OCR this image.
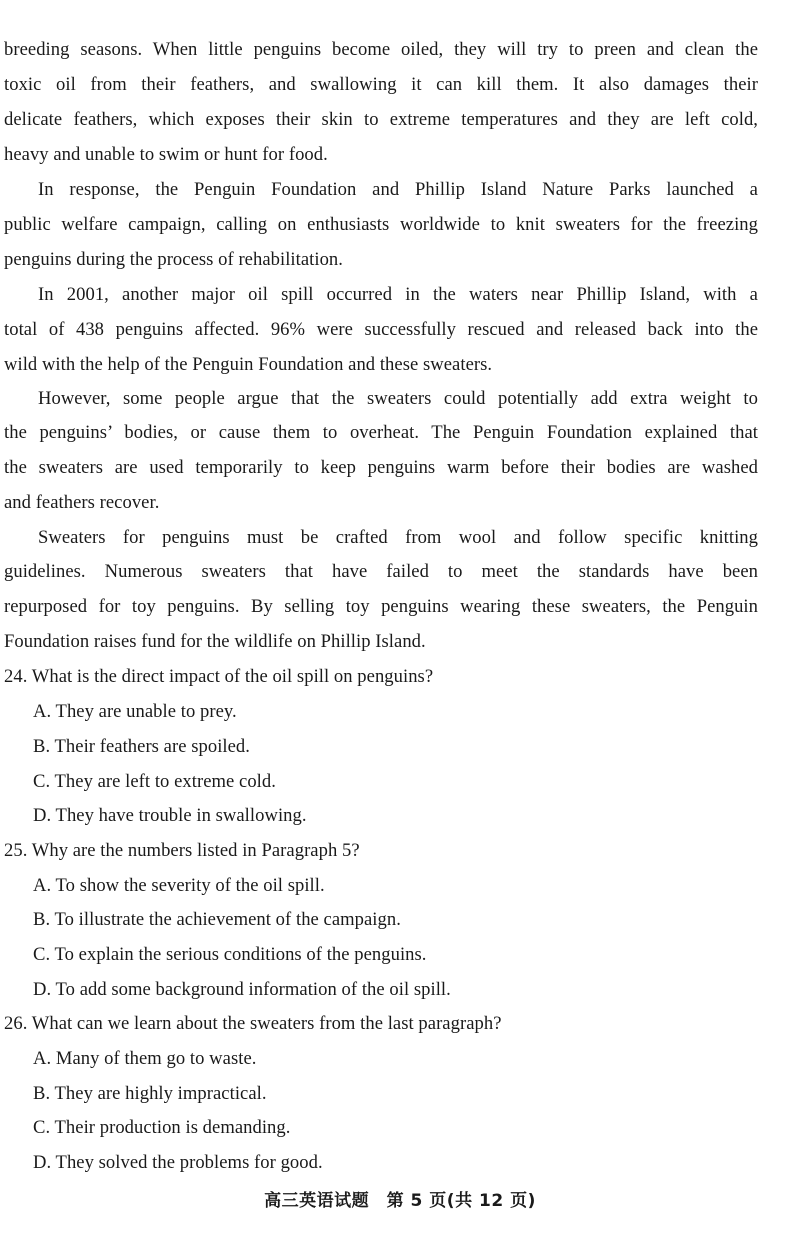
breeding seasons. When little penguins become oiled, they will try to preen and clean the
toxic oil from their feathers, and swallowing it can kill them. It also damages their
delicate feathers, which exposes their skin to extreme temperatures and they are left cold,
heavy and unable to swim or hunt for food.
In response, the Penguin Foundation and Phillip Island Nature Parks launched a
public welfare campaign, calling on enthusiasts worldwide to knit sweaters for the freezing
penguins during the process of rehabilitation.
In 2001, another major oil spill occurred in the waters near Phillip Island, with a
total of 438 penguins affected. 96% were successfully rescued and released back into the
wild with the help of the Penguin Foundation and these sweaters.
However, some people argue that the sweaters could potentially add extra weight to
the penguins’ bodies, or cause them to overheat. The Penguin Foundation explained that
the sweaters are used temporarily to keep penguins warm before their bodies are washed
and feathers recover.
Sweaters for penguins must be crafted from wool and follow specific knitting
guidelines. Numerous sweaters that have failed to meet the standards have been
repurposed for toy penguins. By selling toy penguins wearing these sweaters, the Penguin
Foundation raises fund for the wildlife on Phillip Island.
24. What is the direct impact of the oil spill on penguins?
A. They are unable to prey.
B. Their feathers are spoiled.
C. They are left to extreme cold.
D. They have trouble in swallowing.
25. Why are the numbers listed in Paragraph 5?
A. To show the severity of the oil spill.
B. To illustrate the achievement of the campaign.
C. To explain the serious conditions of the penguins.
D. To add some background information of the oil spill.
26. What can we learn about the sweaters from the last paragraph?
A. Many of them go to waste.
B. They are highly impractical.
C. Their production is demanding.
D. They solved the problems for good.
高三英语试题　第 5 页(共 12 页)
